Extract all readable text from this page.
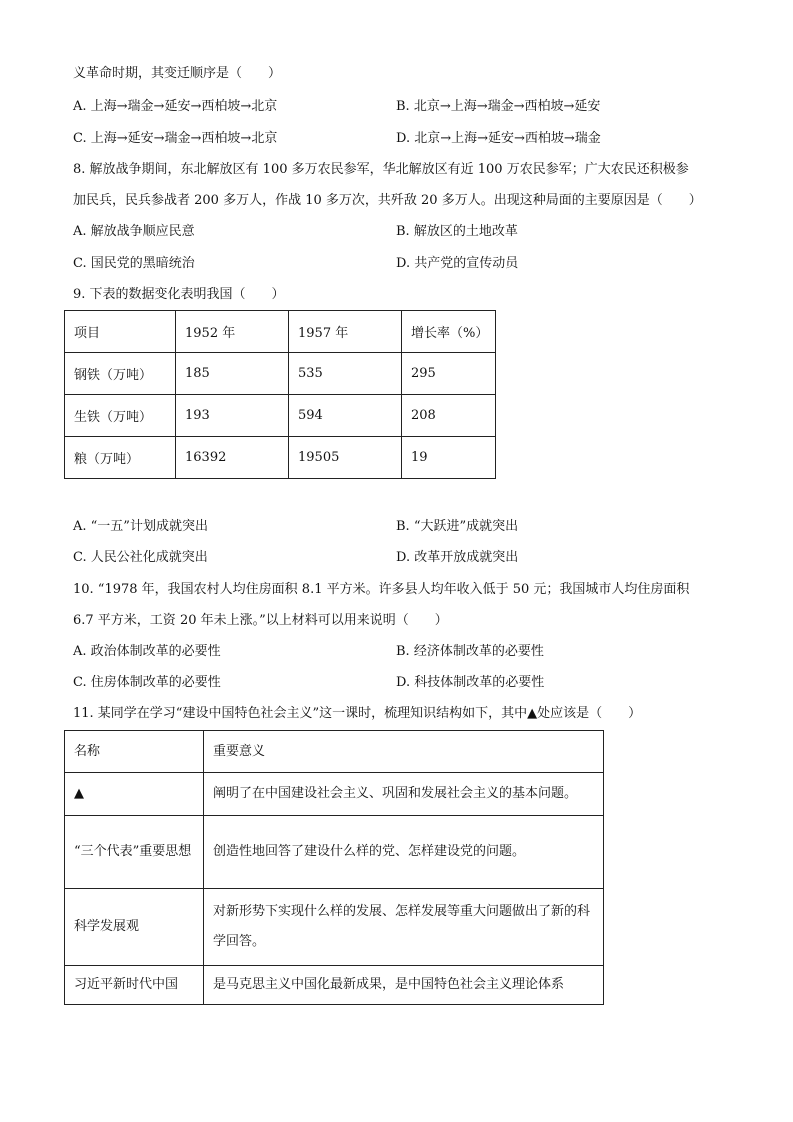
义革命时期，其变迁顺序是（　　）
A. 上海→瑞金→延安→西柏坡→北京	B. 北京→上海→瑞金→西柏坡→延安
C. 上海→延安→瑞金→西柏坡→北京	D. 北京→上海→延安→西柏坡→瑞金
8. 解放战争期间，东北解放区有 100 多万农民参军，华北解放区有近 100 万农民参军；广大农民还积极参
加民兵，民兵参战者 200 多万人，作战 10 多万次，共歼敌 20 多万人。出现这种局面的主要原因是（　　）
A. 解放战争顺应民意	B. 解放区的土地改革
C. 国民党的黑暗统治	D. 共产党的宣传动员
9. 下表的数据变化表明我国（　　）
项目	1952 年	1957 年	增长率（%）
钢铁（万吨）	185	535	295
生铁（万吨）	193	594	208
粮（万吨）	16392	19505	19
A. “一五”计划成就突出	B. “大跃进”成就突出
C. 人民公社化成就突出	D. 改革开放成就突出
10. “1978 年，我国农村人均住房面积 8.1 平方米。许多县人均年收入低于 50 元；我国城市人均住房面积
6.7 平方米，工资 20 年未上涨。”以上材料可以用来说明（　　）
A. 政治体制改革的必要性	B. 经济体制改革的必要性
C. 住房体制改革的必要性	D. 科技体制改革的必要性
11. 某同学在学习“建设中国特色社会主义”这一课时，梳理知识结构如下，其中▲处应该是（　　）
名称	重要意义
▲	阐明了在中国建设社会主义、巩固和发展社会主义的基本问题。
“三个代表”重要思想	创造性地回答了建设什么样的党、怎样建设党的问题。
科学发展观	对新形势下实现什么样的发展、怎样发展等重大问题做出了新的科学回答。
习近平新时代中国	是马克思主义中国化最新成果，是中国特色社会主义理论体系
